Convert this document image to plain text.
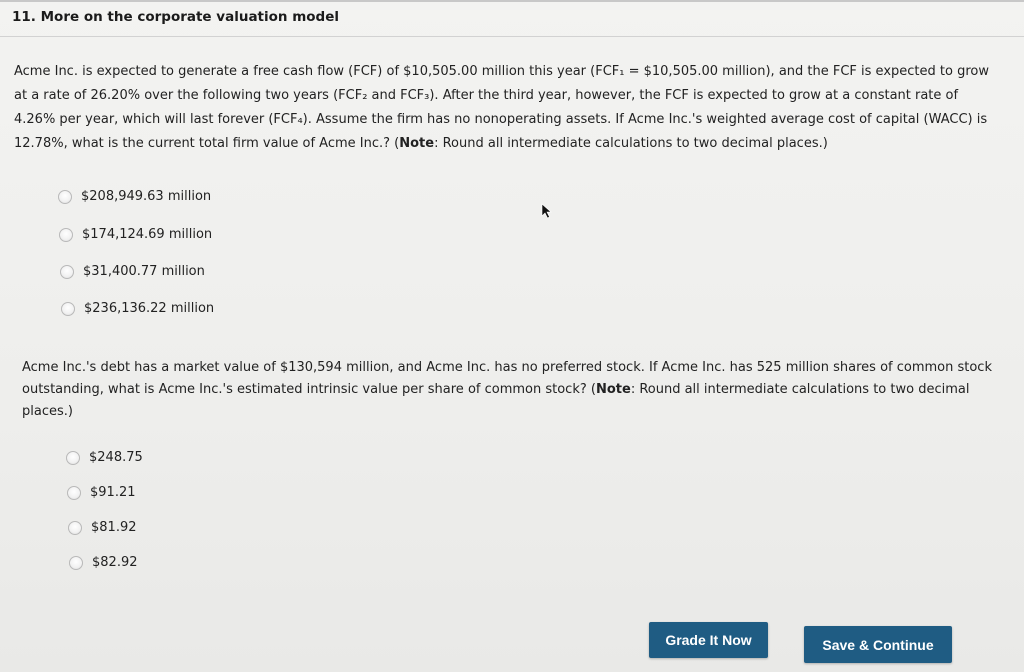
11. More on the corporate valuation model
Acme Inc. is expected to generate a free cash flow (FCF) of $10,505.00 million this year (FCF₁ = $10,505.00 million), and the FCF is expected to grow
at a rate of 26.20% over the following two years (FCF₂ and FCF₃). After the third year, however, the FCF is expected to grow at a constant rate of
4.26% per year, which will last forever (FCF₄). Assume the firm has no nonoperating assets. If Acme Inc.'s weighted average cost of capital (WACC) is
12.78%, what is the current total firm value of Acme Inc.? (Note: Round all intermediate calculations to two decimal places.)
$208,949.63 million
$174,124.69 million
$31,400.77 million
$236,136.22 million
Acme Inc.'s debt has a market value of $130,594 million, and Acme Inc. has no preferred stock. If Acme Inc. has 525 million shares of common stock
outstanding, what is Acme Inc.'s estimated intrinsic value per share of common stock? (Note: Round all intermediate calculations to two decimal
places.)
$248.75
$91.21
$81.92
$82.92
Grade It Now	Save & Continue
